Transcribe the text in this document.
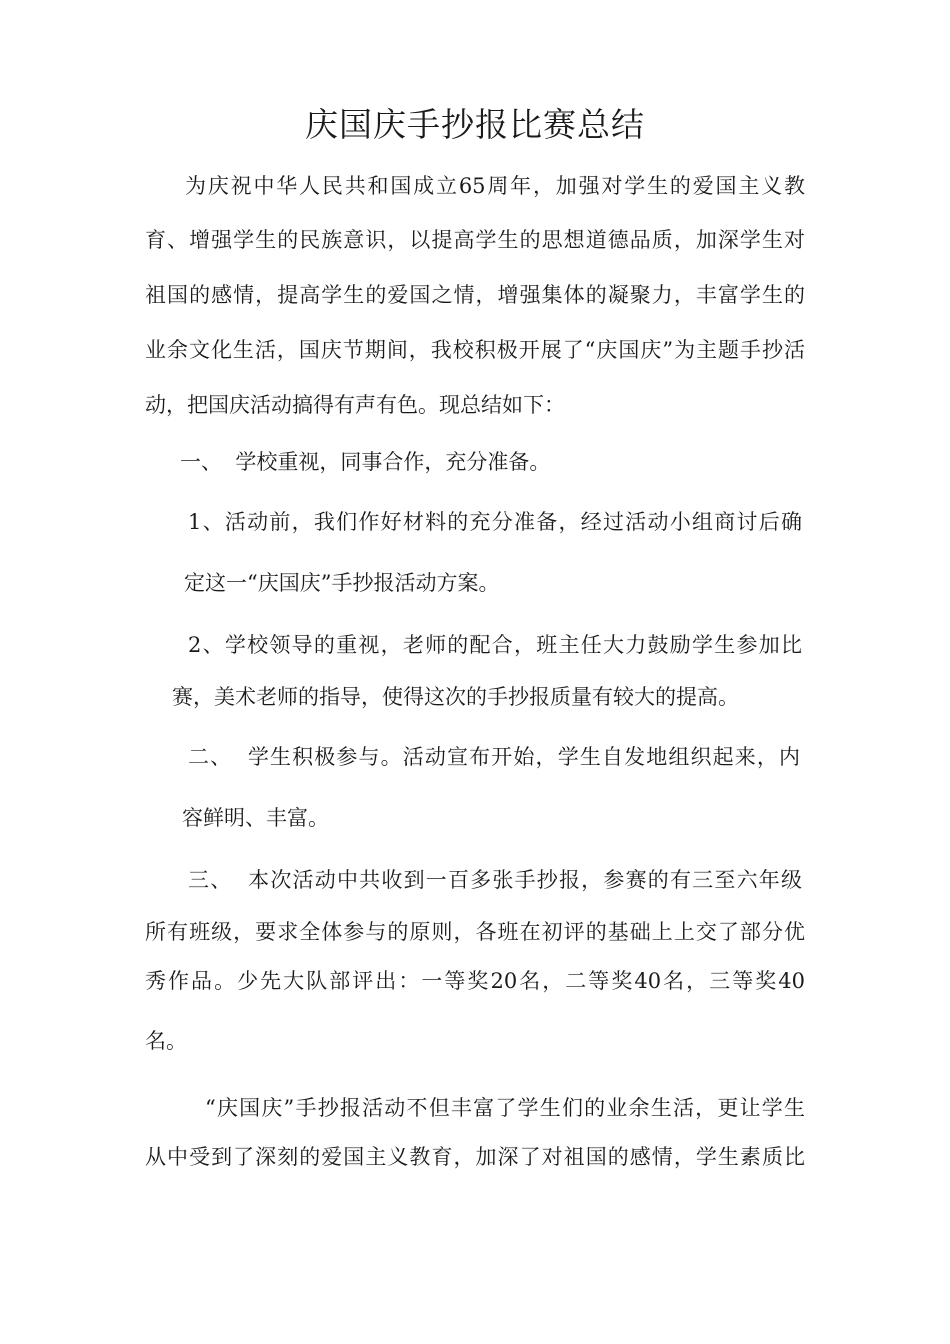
庆国庆手抄报比赛总结
为庆祝中华人民共和国成立65周年，加强对学生的爱国主义教
育、增强学生的民族意识，以提高学生的思想道德品质，加深学生对
祖国的感情，提高学生的爱国之情，增强集体的凝聚力，丰富学生的
业余文化生活，国庆节期间，我校积极开展了“庆国庆”为主题手抄活
动，把国庆活动搞得有声有色。现总结如下：
一、  学校重视，同事合作，充分准备。
1、活动前，我们作好材料的充分准备，经过活动小组商讨后确
定这一“庆国庆”手抄报活动方案。
2、学校领导的重视，老师的配合，班主任大力鼓励学生参加比
赛，美术老师的指导，使得这次的手抄报质量有较大的提高。
二、  学生积极参与。活动宣布开始，学生自发地组织起来，内
容鲜明、丰富。
三、  本次活动中共收到一百多张手抄报，参赛的有三至六年级
所有班级，要求全体参与的原则，各班在初评的基础上上交了部分优
秀作品。少先大队部评出：一等奖20名，二等奖40名，三等奖40
名。
“庆国庆”手抄报活动不但丰富了学生们的业余生活，更让学生
从中受到了深刻的爱国主义教育，加深了对祖国的感情，学生素质比
